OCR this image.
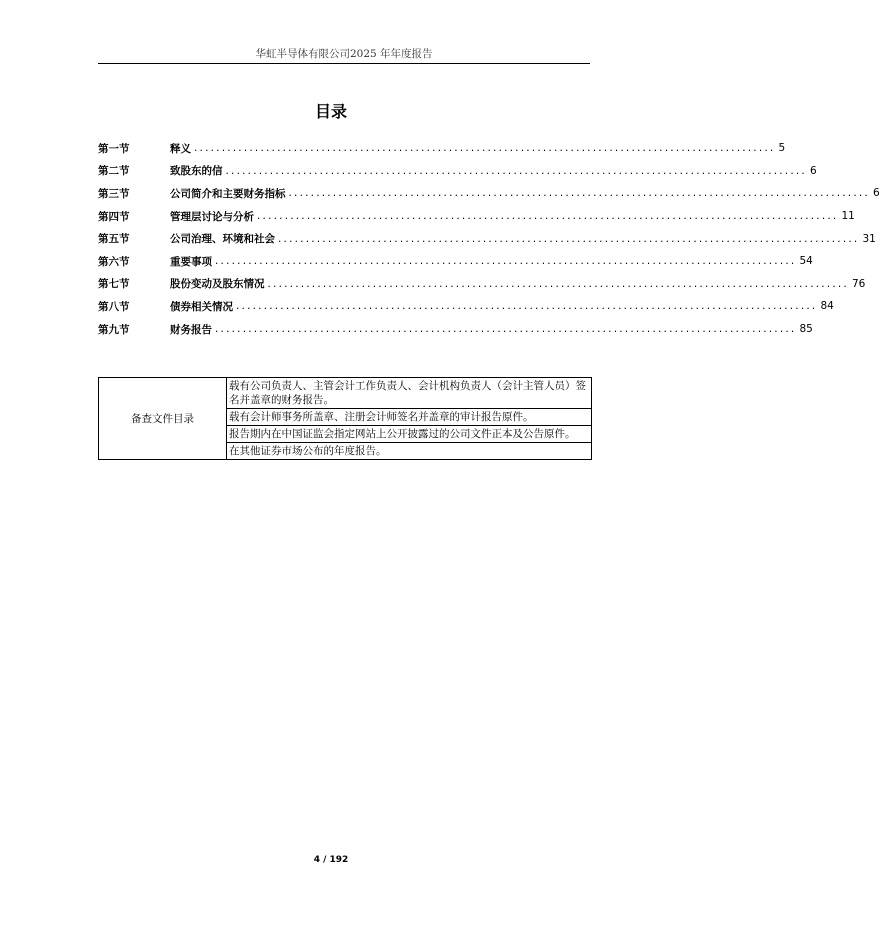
华虹半导体有限公司2025 年年度报告
目录
第一节	释义 ......................................................................................................... 5
第二节	致股东的信 ......................................................................................................... 6
第三节	公司简介和主要财务指标 ......................................................................................................... 6
第四节	管理层讨论与分析 ......................................................................................................... 11
第五节	公司治理、环境和社会 ......................................................................................................... 31
第六节	重要事项 ......................................................................................................... 54
第七节	股份变动及股东情况 ......................................................................................................... 76
第八节	债券相关情况 ......................................................................................................... 84
第九节	财务报告 ......................................................................................................... 85
备查文件目录	载有公司负责人、主管会计工作负责人、会计机构负责人（会计主管人员）签名并盖章的财务报告。
载有会计师事务所盖章、注册会计师签名并盖章的审计报告原件。
报告期内在中国证监会指定网站上公开披露过的公司文件正本及公告原件。
在其他证券市场公布的年度报告。
4 / 192
